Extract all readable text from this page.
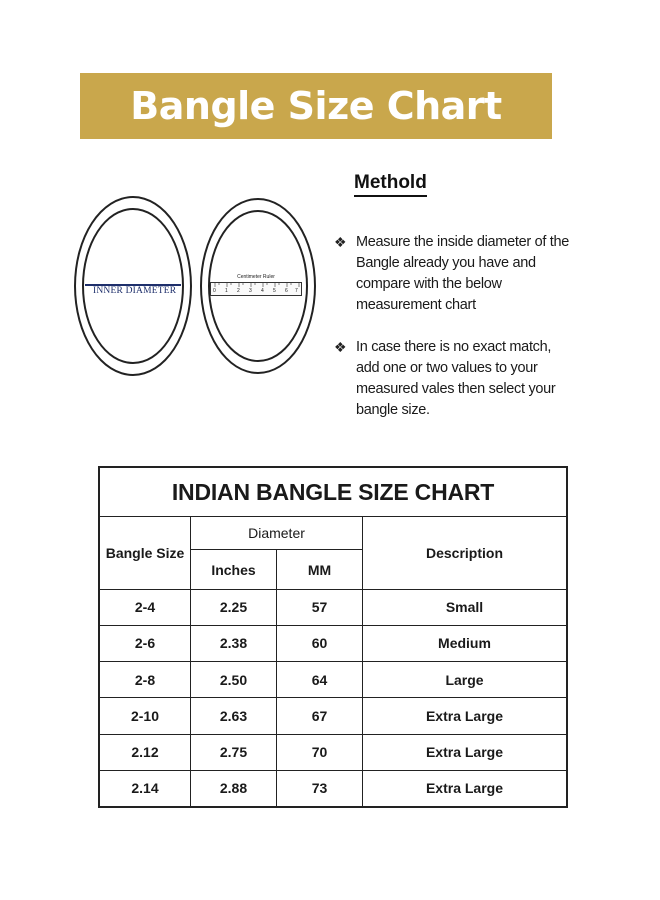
Bangle Size Chart
INNER DIAMETER
Centimeter Ruler
0 1 2 3 4 5 6 7
Methold
❖ Measure the inside diameter of the Bangle already you have and compare with the below measurement chart
❖ In case there is no exact match, add one or two values to your measured vales then select your bangle size.
INDIAN BANGLE SIZE CHART			
Bangle Size	Diameter		Description
	Inches	MM	
2-4	2.25	57	Small
2-6	2.38	60	Medium
2-8	2.50	64	Large
2-10	2.63	67	Extra Large
2.12	2.75	70	Extra Large
2.14	2.88	73	Extra Large
